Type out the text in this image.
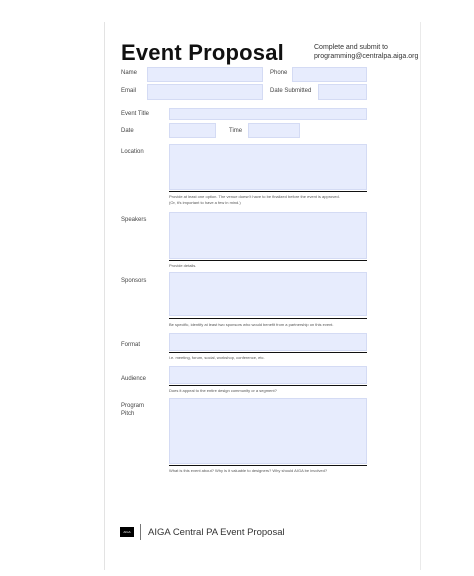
Event Proposal	Complete and submit to
programming@centralpa.aiga.org
Name	Phone
Email	Date Submitted
Event Title
Date	Time
Location
Provide at least one option. The venue doesn't have to be finalized before the event is approved.
(Or, it's important to have a few in mind.)
Speakers
Provide details.
Sponsors
Be specific, identify at least two sponsors who would benefit from a partnership on this event.
Format
i.e. meeting, forum, social, workshop, conference, etc.
Audience
Does it appeal to the entire design community or a segment?
Program Pitch
What is this event about? Why is it valuable to designers? Why should AIGA be involved?
AIGA	AIGA Central PA Event Proposal
